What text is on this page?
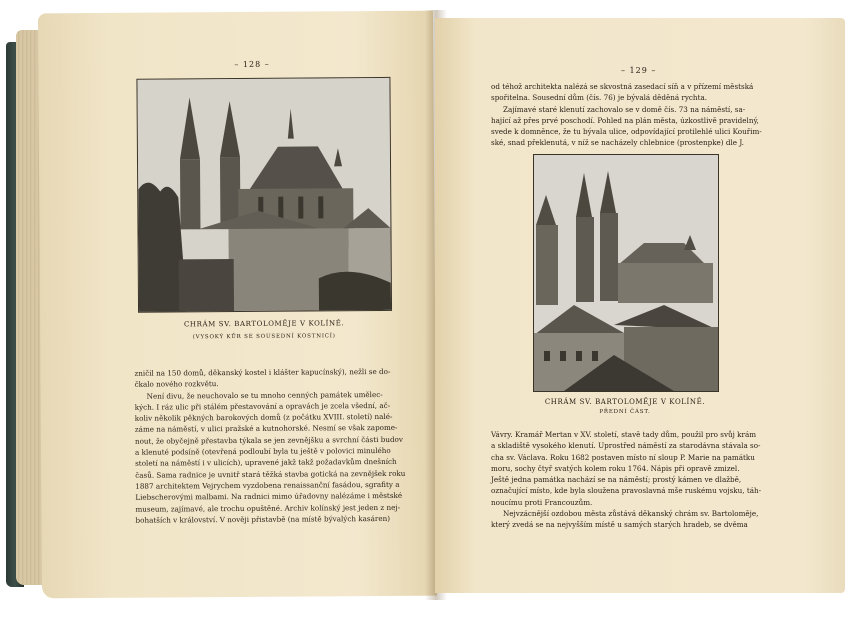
– 128 –
CHRÁM SV. BARTOLOMĚJE V KOLÍNĚ.
(VYSOKÝ KŮR SE SOUSEDNÍ KOSTNICÍ)
zničil na 150 domů, děkanský kostel i klášter kapucínský), nežli se do-
čkalo nového rozkvětu.
Není divu, že neuchovalo se tu mnoho cenných památek umělec-
kých. I ráz ulic při stálém přestavování a opravách je zcela všední, ač-
koliv několik pěkných barokových domů (z počátku XVIII. století) nalé-
záme na náměstí, v ulici pražské a kutnohorské. Nesmí se však zapome-
nout, že obyčejně přestavba týkala se jen zevnějšku a svrchní části budov
a klenuté podsíně (otevřená podloubí byla tu ještě v polovici minulého
století na náměstí i v ulicích), upravené jakž takž požadavkům dnešních
časů. Sama radnice je uvnitř stará těžká stavba gotická na zevnějšek roku
1887 architektem Vejrychem vyzdobena renaissanční fasádou, sgrafity a
Liebscherovými malbami. Na radnici mimo úřadovny nalézáme i městské
museum, zajímavé, ale trochu opuštěné. Archiv kolínský jest jeden z nej-
bohatších v království. V nověji přistavbě (na místě bývalých kasáren)
– 129 –
od téhož architekta nalézá se skvostná zasedací síň a v přízemí městská
spořitelna. Sousední dům (čís. 76) je bývalá děděná rychta.
Zajímavé staré klenutí zachovalo se v domě čís. 73 na náměstí, sa-
hající až přes prvé poschodí. Pohled na plán města, úzkostlivě pravidelný,
svede k domněnce, že tu bývala ulice, odpovídající protilehlé ulici Kouřim-
ské, snad překlenutá, v níž se nacházely chlebnice (prostenpke) dle J.
CHRÁM SV. BARTOLOMĚJE V KOLÍNĚ.
PŘEDNÍ ČÁST.
Vávry. Kramář Mertan v XV. století, stavě tady dům, použil pro svůj krám
a skladiště vysokého klenutí. Uprostřed náměstí za starodávna stávala so-
cha sv. Václava. Roku 1682 postaven místo ní sloup P. Marie na památku
moru, sochy čtyř svatých kolem roku 1764. Nápis při opravě zmizel.
Ještě jedna památka nachází se na náměstí; prostý kámen ve dlažbě,
označující místo, kde byla sloužena pravoslavná mše ruskému vojsku, táh-
noucímu proti Francouzům.
Nejvzácnější ozdobou města zůstává děkanský chrám sv. Bartoloměje,
který zvedá se na nejvyšším místě u samých starých hradeb, se dvěma
